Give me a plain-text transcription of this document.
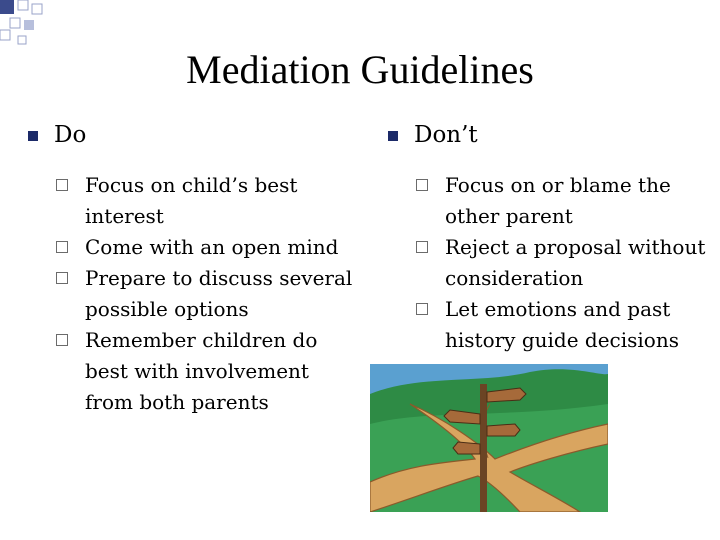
Mediation Guidelines
Do
Focus on child’s best interest
Come with an open mind
Prepare to discuss several possible options
Remember children do best with involvement from both parents
Don’t
Focus on or blame the other parent
Reject a proposal without consideration
Let emotions and past history guide decisions
